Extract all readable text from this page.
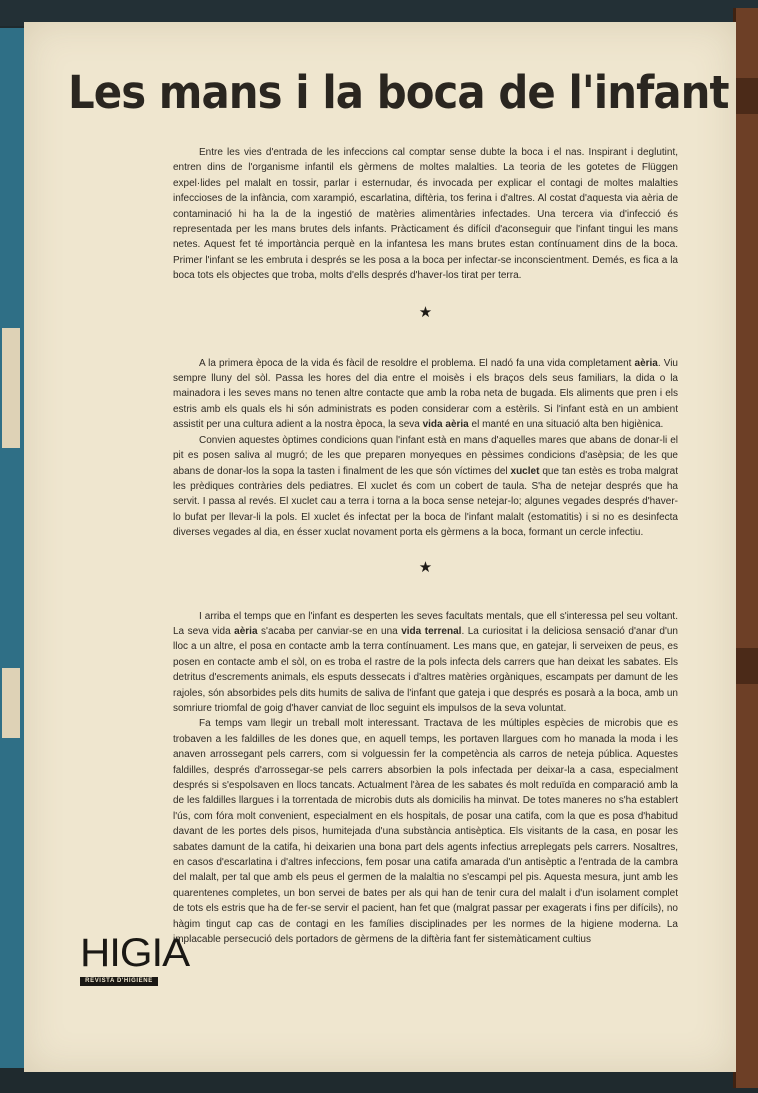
Les mans i la boca de l'infant

Entre les vies d'entrada de les infeccions cal comptar sense dubte la boca i el nas. Inspirant i deglutint, entren dins de l'organisme infantil els gèrmens de moltes malalties. La teoria de les gotetes de Flüggen expel·lides pel malalt en tossir, parlar i esternudar, és invocada per explicar el contagi de moltes malalties infeccioses de la infància, com xarampió, escarlatina, diftèria, tos ferina i d'altres. Al costat d'aquesta via aèria de contaminació hi ha la de la ingestió de matèries alimentàries infectades. Una tercera via d'infecció és representada per les mans brutes dels infants. Pràcticament és difícil d'aconseguir que l'infant tingui les mans netes. Aquest fet té importància perquè en la infantesa les mans brutes estan contínuament dins de la boca. Primer l'infant se les embruta i després se les posa a la boca per infectar-se inconscientment. Demés, es fica a la boca tots els objectes que troba, molts d'ells després d'haver-los tirat per terra.

★

A la primera època de la vida és fàcil de resoldre el problema. El nadó fa una vida completament aèria. Viu sempre lluny del sòl. Passa les hores del dia entre el moisès i els braços dels seus familiars, la dida o la mainadora i les seves mans no tenen altre contacte que amb la roba neta de bugada. Els aliments que pren i els estris amb els quals els hi són administrats es poden considerar com a estèrils. Si l'infant està en un ambient assistit per una cultura adient a la nostra època, la seva vida aèria el manté en una situació alta ben higiènica.

Convien aquestes òptimes condicions quan l'infant està en mans d'aquelles mares que abans de donar-li el pit es posen saliva al mugró; de les que preparen monyeques en pèssimes condicions d'asèpsia; de les que abans de donar-los la sopa la tasten i finalment de les que són víctimes del xuclet que tan estès es troba malgrat les prèdiques contràries dels pediatres. El xuclet és com un cobert de taula. S'ha de netejar després que ha servit. I passa al revés. El xuclet cau a terra i torna a la boca sense netejar-lo; algunes vegades després d'haver-lo bufat per llevar-li la pols. El xuclet és infectat per la boca de l'infant malalt (estomatitis) i si no es desinfecta diverses vegades al dia, en ésser xuclat novament porta els gèrmens a la boca, formant un cercle infectiu.

★

I arriba el temps que en l'infant es desperten les seves facultats mentals, que ell s'interessa pel seu voltant. La seva vida aèria s'acaba per canviar-se en una vida terrenal. La curiositat i la deliciosa sensació d'anar d'un lloc a un altre, el posa en contacte amb la terra contínuament. Les mans que, en gatejar, li serveixen de peus, es posen en contacte amb el sòl, on es troba el rastre de la pols infecta dels carrers que han deixat les sabates. Els detritus d'escrements animals, els esputs dessecats i d'altres matèries orgàniques, escampats per damunt de les rajoles, són absorbides pels dits humits de saliva de l'infant que gateja i que després es posarà a la boca, amb un somriure triomfal de goig d'haver canviat de lloc seguint els impulsos de la seva voluntat.

Fa temps vam llegir un treball molt interessant. Tractava de les múltiples espècies de microbis que es trobaven a les faldilles de les dones que, en aquell temps, les portaven llargues com ho manada la moda i les anaven arrossegant pels carrers, com si volguessin fer la competència als carros de neteja pública. Aquestes faldilles, després d'arrossegar-se pels carrers absorbien la pols infectada per deixar-la a casa, especialment després si s'espolsaven en llocs tancats. Actualment l'àrea de les sabates és molt reduïda en comparació amb la de les faldilles llargues i la torrentada de microbis duts als domicilis ha minvat. De totes maneres no s'ha establert l'ús, com fóra molt convenient, especialment en els hospitals, de posar una catifa, com la que es posa d'habitud davant de les portes dels pisos, humitejada d'una substància antisèptica. Els visitants de la casa, en posar les sabates damunt de la catifa, hi deixarien una bona part dels agents infectius arreplegats pels carrers. Nosaltres, en casos d'escarlatina i d'altres infeccions, fem posar una catifa amarada d'un antisèptic a l'entrada de la cambra del malalt, per tal que amb els peus el germen de la malaltia no s'escampi pel pis. Aquesta mesura, junt amb les quarentenes completes, un bon servei de bates per als qui han de tenir cura del malalt i d'un isolament complet de tots els estris que ha de fer-se servir el pacient, han fet que (malgrat passar per exagerats i fins per difícils), no hàgim tingut cap cas de contagi en les famílies disciplinades per les normes de la higiene moderna. La implacable persecució dels portadors de gèrmens de la diftèria fant fer sistemàticament cultius

HIGIA
REVISTA D'HIGIENE
